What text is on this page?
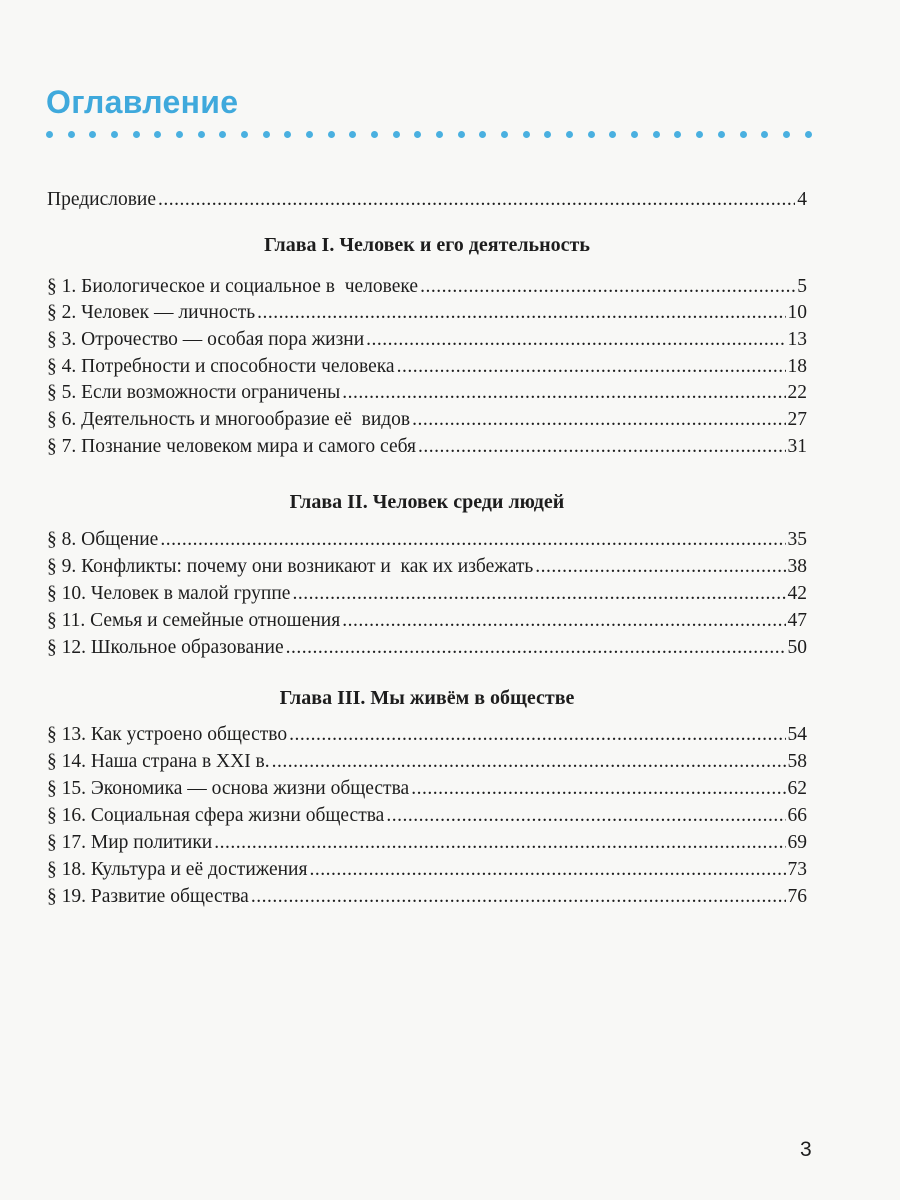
Оглавление
Предисловие .....	4
Глава I. Человек и его деятельность
§ 1. Биологическое и социальное в  человеке .....	5
§ 2. Человек — личность .....	10
§ 3. Отрочество — особая пора жизни .....	13
§ 4. Потребности и способности человека .....	18
§ 5. Если возможности ограничены .....	22
§ 6. Деятельность и многообразие её  видов .....	27
§ 7. Познание человеком мира и самого себя .....	31
Глава II. Человек среди людей
§ 8. Общение .....	35
§ 9. Конфликты: почему они возникают и  как их избежать .....	38
§ 10. Человек в малой группе .....	42
§ 11. Семья и семейные отношения .....	47
§ 12. Школьное образование .....	50
Глава III. Мы живём в обществе
§ 13. Как устроено общество .....	54
§ 14. Наша страна в XXI в. .....	58
§ 15. Экономика — основа жизни общества .....	62
§ 16. Социальная сфера жизни общества .....	66
§ 17. Мир политики .....	69
§ 18. Культура и её достижения .....	73
§ 19. Развитие общества .....	76
3
